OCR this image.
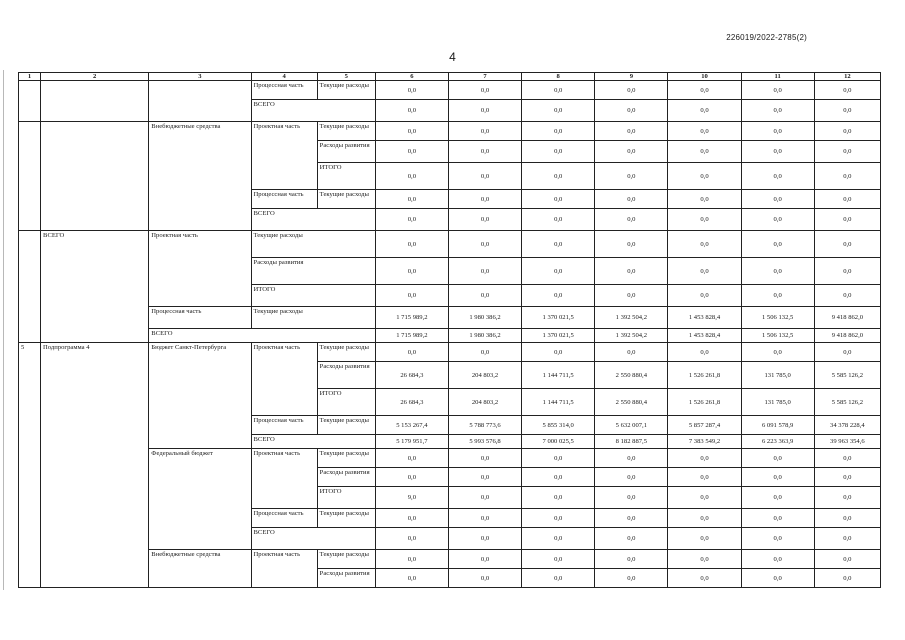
226019/2022-2785(2)
4
1	2	3	4	5	6	7	8	9	10	11	12
			Процессная часть	Текущие расходы	0,0	0,0	0,0	0,0	0,0	0,0	0,0
			ВСЕГО		0,0	0,0	0,0	0,0	0,0	0,0	0,0
		Внебюджетные средства	Проектная часть	Текущие расходы	0,0	0,0	0,0	0,0	0,0	0,0	0,0
				Расходы развития	0,0	0,0	0,0	0,0	0,0	0,0	0,0
				ИТОГО	0,0	0,0	0,0	0,0	0,0	0,0	0,0
			Процессная часть	Текущие расходы	0,0	0,0	0,0	0,0	0,0	0,0	0,0
			ВСЕГО		0,0	0,0	0,0	0,0	0,0	0,0	0,0
	ВСЕГО	Проектная часть	Текущие расходы		0,0	0,0	0,0	0,0	0,0	0,0	0,0
			Расходы развития		0,0	0,0	0,0	0,0	0,0	0,0	0,0
			ИТОГО		0,0	0,0	0,0	0,0	0,0	0,0	0,0
		Процессная часть	Текущие расходы		1 715 989,2	1 980 386,2	1 370 021,5	1 392 504,2	1 453 828,4	1 506 132,5	9 418 862,0
		ВСЕГО			1 715 989,2	1 980 386,2	1 370 021,5	1 392 504,2	1 453 828,4	1 506 132,5	9 418 862,0
5	Подпрограмма 4	Бюджет Санкт-Петербурга	Проектная часть	Текущие расходы	0,0	0,0	0,0	0,0	0,0	0,0	0,0
				Расходы развития	26 684,3	204 803,2	1 144 711,5	2 550 880,4	1 526 261,8	131 785,0	5 585 126,2
				ИТОГО	26 684,3	204 803,2	1 144 711,5	2 550 880,4	1 526 261,8	131 785,0	5 585 126,2
			Процессная часть	Текущие расходы	5 153 267,4	5 788 773,6	5 855 314,0	5 632 007,1	5 857 287,4	6 091 578,9	34 378 228,4
			ВСЕГО		5 179 951,7	5 993 576,8	7 000 025,5	8 182 887,5	7 383 549,2	6 223 363,9	39 963 354,6
		Федеральный бюджет	Проектная часть	Текущие расходы	0,0	0,0	0,0	0,0	0,0	0,0	0,0
				Расходы развития	0,0	0,0	0,0	0,0	0,0	0,0	0,0
				ИТОГО	9,0	0,0	0,0	0,0	0,0	0,0	0,0
			Процессная часть	Текущие расходы	0,0	0,0	0,0	0,0	0,0	0,0	0,0
			ВСЕГО		0,0	0,0	0,0	0,0	0,0	0,0	0,0
		Внебюджетные средства	Проектная часть	Текущие расходы	0,0	0,0	0,0	0,0	0,0	0,0	0,0
				Расходы развития	0,0	0,0	0,0	0,0	0,0	0,0	0,0
